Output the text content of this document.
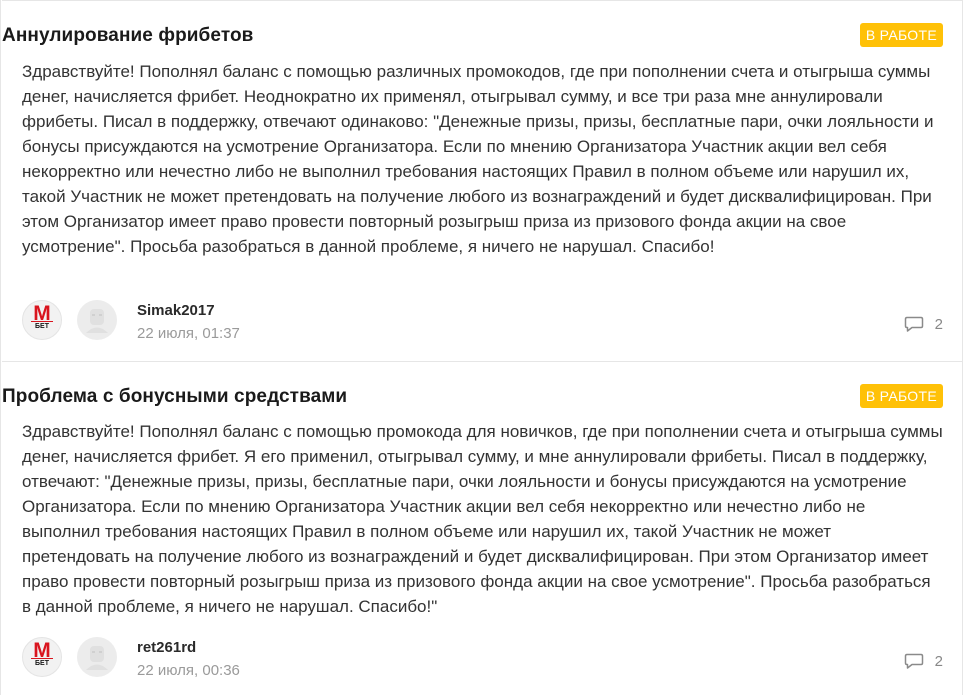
Аннулирование фрибетов	В РАБОТЕ
Здравствуйте! Пополнял баланс с помощью различных промокодов, где при пополнении счета и отыгрыша суммы денег, начисляется фрибет. Неоднократно их применял, отыгрывал сумму, и все три раза мне аннулировали фрибеты. Писал в поддержку, отвечают одинаково: "Денежные призы, призы, бесплатные пари, очки лояльности и бонусы присуждаются на усмотрение Организатора. Если по мнению Организатора Участник акции вел себя некорректно или нечестно либо не выполнил требования настоящих Правил в полном объеме или нарушил их, такой Участник не может претендовать на получение любого из вознаграждений и будет дисквалифицирован. При этом Организатор имеет право провести повторный розыгрыш приза из призового фонда акции на свое усмотрение". Просьба разобраться в данной проблеме, я ничего не нарушал. Спасибо!
M
БЕТ
Simak2017
22 июля, 01:37
2
Проблема с бонусными средствами	В РАБОТЕ
Здравствуйте! Пополнял баланс с помощью промокода для новичков, где при пополнении счета и отыгрыша суммы денег, начисляется фрибет. Я его применил, отыгрывал сумму, и мне аннулировали фрибеты. Писал в поддержку, отвечают: "Денежные призы, призы, бесплатные пари, очки лояльности и бонусы присуждаются на усмотрение Организатора. Если по мнению Организатора Участник акции вел себя некорректно или нечестно либо не выполнил требования настоящих Правил в полном объеме или нарушил их, такой Участник не может претендовать на получение любого из вознаграждений и будет дисквалифицирован. При этом Организатор имеет право провести повторный розыгрыш приза из призового фонда акции на свое усмотрение". Просьба разобраться в данной проблеме, я ничего не нарушал. Спасибо!"
M
БЕТ
ret261rd
22 июля, 00:36
2
